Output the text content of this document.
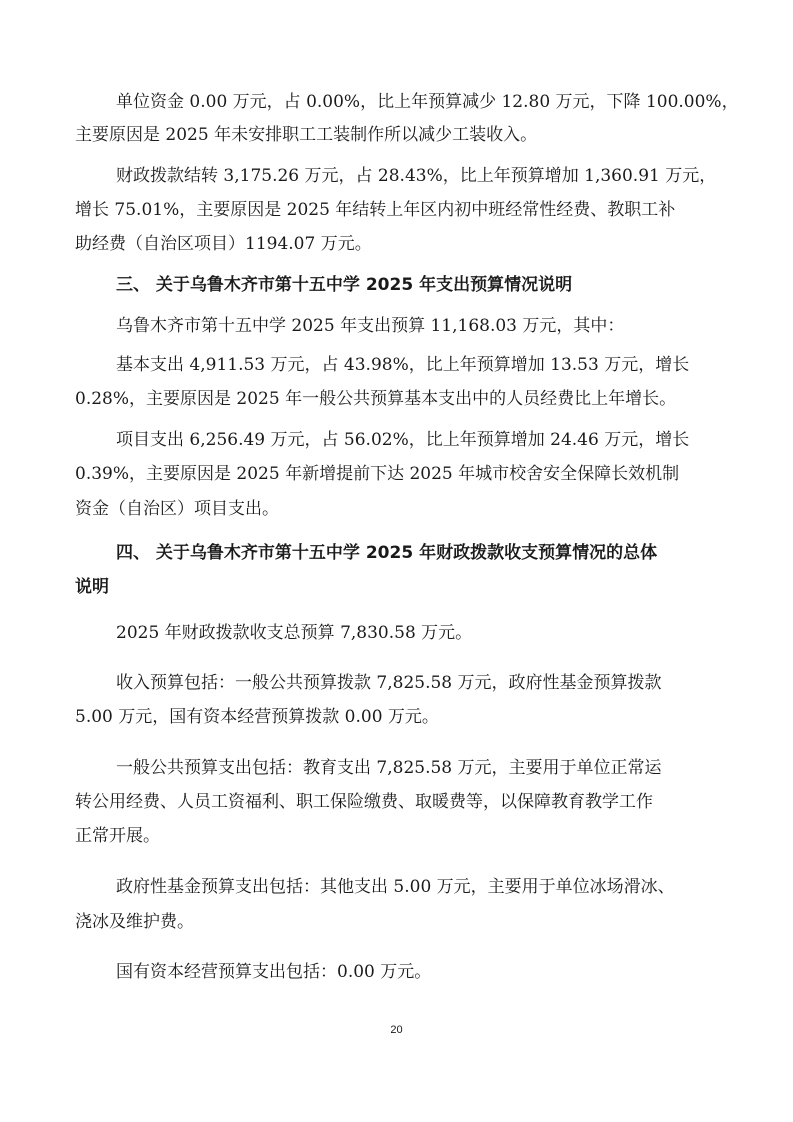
单位资金 0.00 万元，占 0.00%，比上年预算减少 12.80 万元，下降 100.00%，
主要原因是 2025 年未安排职工工装制作所以减少工装收入。
财政拨款结转 3,175.26 万元，占 28.43%，比上年预算增加 1,360.91 万元，
增长 75.01%，主要原因是 2025 年结转上年区内初中班经常性经费、教职工补
助经费（自治区项目）1194.07 万元。
三、 关于乌鲁木齐市第十五中学 2025 年支出预算情况说明
乌鲁木齐市第十五中学 2025 年支出预算 11,168.03 万元，其中：
基本支出 4,911.53 万元，占 43.98%，比上年预算增加 13.53 万元，增长
0.28%，主要原因是 2025 年一般公共预算基本支出中的人员经费比上年增长。
项目支出 6,256.49 万元，占 56.02%，比上年预算增加 24.46 万元，增长
0.39%，主要原因是 2025 年新增提前下达 2025 年城市校舍安全保障长效机制
资金（自治区）项目支出。
四、 关于乌鲁木齐市第十五中学 2025 年财政拨款收支预算情况的总体
说明
2025 年财政拨款收支总预算 7,830.58 万元。
收入预算包括：一般公共预算拨款 7,825.58 万元，政府性基金预算拨款
5.00 万元，国有资本经营预算拨款 0.00 万元。
一般公共预算支出包括：教育支出 7,825.58 万元，主要用于单位正常运
转公用经费、人员工资福利、职工保险缴费、取暖费等，以保障教育教学工作
正常开展。
政府性基金预算支出包括：其他支出 5.00 万元，主要用于单位冰场滑冰、
浇冰及维护费。
国有资本经营预算支出包括：0.00 万元。
20
